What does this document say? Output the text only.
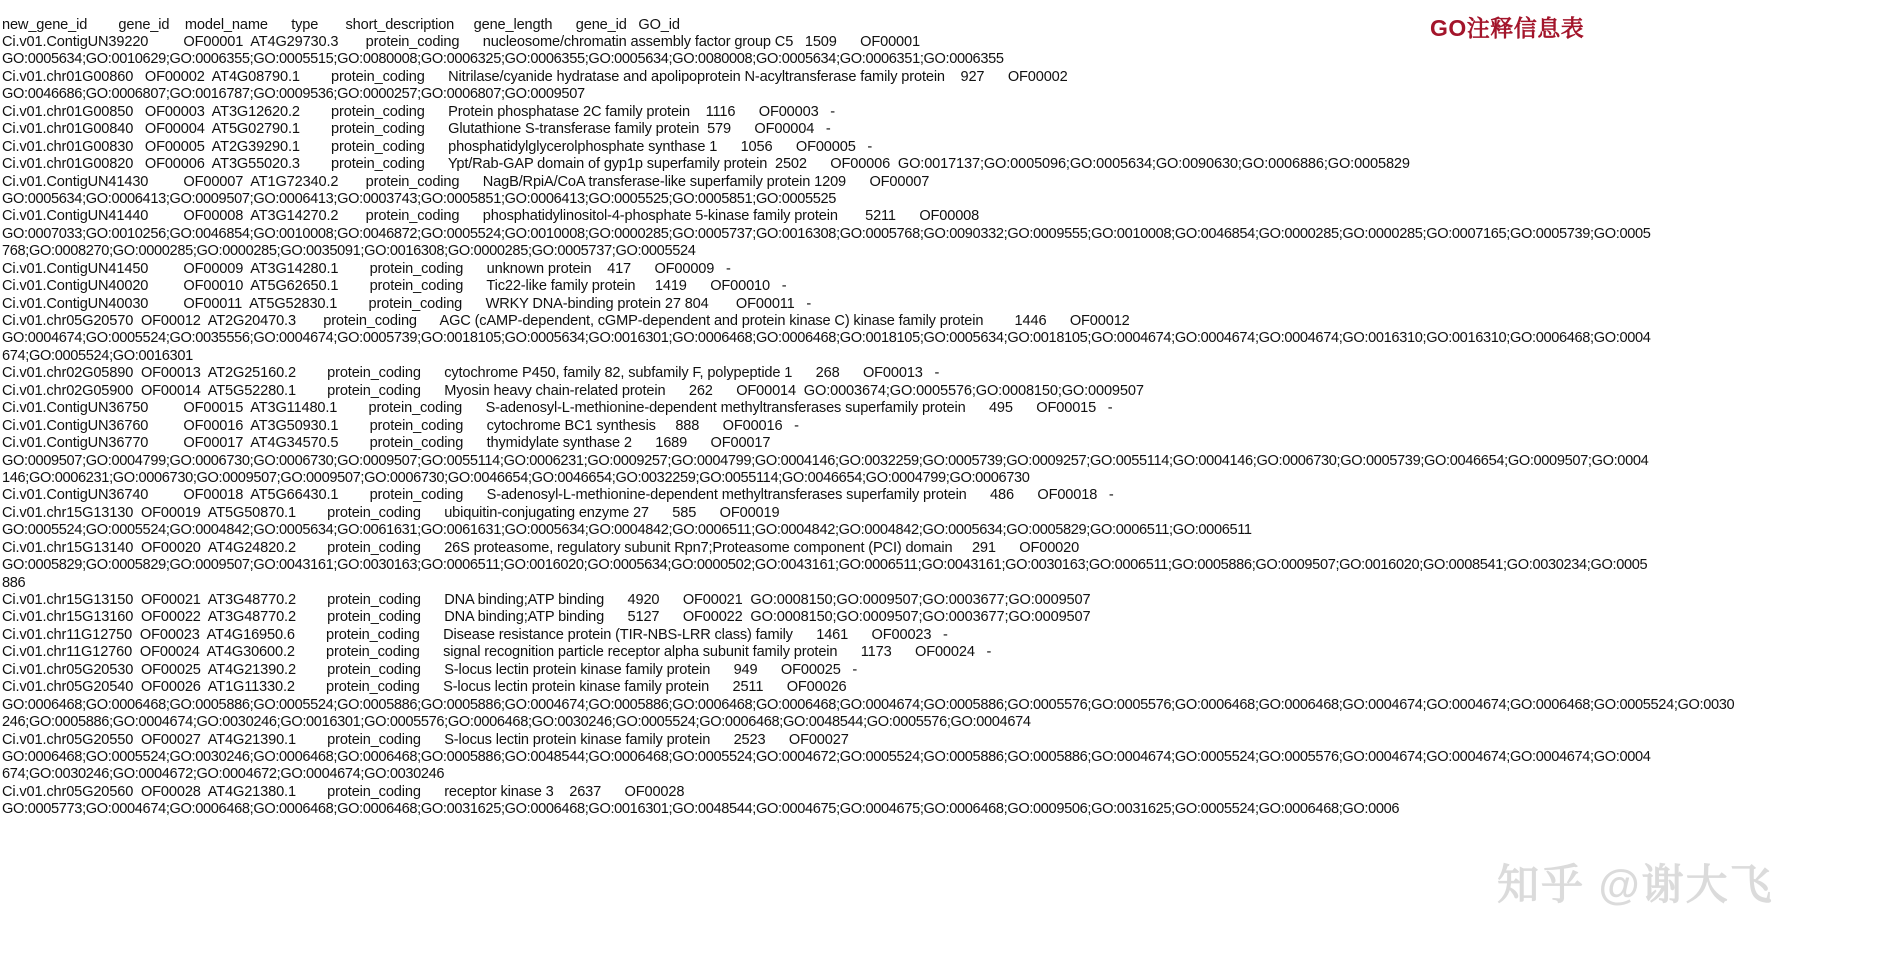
GO注释信息表
new_gene_id        gene_id    model_name      type       short_description     gene_length      gene_id   GO_id
Ci.v01.ContigUN39220         OF00001  AT4G29730.3       protein_coding      nucleosome/chromatin assembly factor group C5   1509      OF00001
GO:0005634;GO:0010629;GO:0006355;GO:0005515;GO:0080008;GO:0006325;GO:0006355;GO:0005634;GO:0080008;GO:0005634;GO:0006351;GO:0006355
Ci.v01.chr01G00860   OF00002  AT4G08790.1        protein_coding      Nitrilase/cyanide hydratase and apolipoprotein N-acyltransferase family protein    927      OF00002
GO:0046686;GO:0006807;GO:0016787;GO:0009536;GO:0000257;GO:0006807;GO:0009507
Ci.v01.chr01G00850   OF00003  AT3G12620.2        protein_coding      Protein phosphatase 2C family protein    1116      OF00003   -
Ci.v01.chr01G00840   OF00004  AT5G02790.1        protein_coding      Glutathione S-transferase family protein  579      OF00004   -
Ci.v01.chr01G00830   OF00005  AT2G39290.1        protein_coding      phosphatidylglycerolphosphate synthase 1      1056      OF00005   -
Ci.v01.chr01G00820   OF00006  AT3G55020.3        protein_coding      Ypt/Rab-GAP domain of gyp1p superfamily protein  2502      OF00006  GO:0017137;GO:0005096;GO:0005634;GO:0090630;GO:0006886;GO:0005829
Ci.v01.ContigUN41430         OF00007  AT1G72340.2       protein_coding      NagB/RpiA/CoA transferase-like superfamily protein 1209      OF00007
GO:0005634;GO:0006413;GO:0009507;GO:0006413;GO:0003743;GO:0005851;GO:0006413;GO:0005525;GO:0005851;GO:0005525
Ci.v01.ContigUN41440         OF00008  AT3G14270.2       protein_coding      phosphatidylinositol-4-phosphate 5-kinase family protein       5211      OF00008
GO:0007033;GO:0010256;GO:0046854;GO:0010008;GO:0046872;GO:0005524;GO:0010008;GO:0000285;GO:0005737;GO:0016308;GO:0005768;GO:0090332;GO:0009555;GO:0010008;GO:0046854;GO:0000285;GO:0000285;GO:0007165;GO:0005739;GO:0005
768;GO:0008270;GO:0000285;GO:0000285;GO:0035091;GO:0016308;GO:0000285;GO:0005737;GO:0005524
Ci.v01.ContigUN41450         OF00009  AT3G14280.1        protein_coding      unknown protein    417      OF00009   -
Ci.v01.ContigUN40020         OF00010  AT5G62650.1        protein_coding      Tic22-like family protein     1419      OF00010   -
Ci.v01.ContigUN40030         OF00011  AT5G52830.1        protein_coding      WRKY DNA-binding protein 27 804       OF00011   -
Ci.v01.chr05G20570  OF00012  AT2G20470.3       protein_coding      AGC (cAMP-dependent, cGMP-dependent and protein kinase C) kinase family protein        1446      OF00012
GO:0004674;GO:0005524;GO:0035556;GO:0004674;GO:0005739;GO:0018105;GO:0005634;GO:0016301;GO:0006468;GO:0006468;GO:0018105;GO:0005634;GO:0018105;GO:0004674;GO:0004674;GO:0004674;GO:0016310;GO:0016310;GO:0006468;GO:0004
674;GO:0005524;GO:0016301
Ci.v01.chr02G05890  OF00013  AT2G25160.2        protein_coding      cytochrome P450, family 82, subfamily F, polypeptide 1      268      OF00013   -
Ci.v01.chr02G05900  OF00014  AT5G52280.1        protein_coding      Myosin heavy chain-related protein      262      OF00014  GO:0003674;GO:0005576;GO:0008150;GO:0009507
Ci.v01.ContigUN36750         OF00015  AT3G11480.1        protein_coding      S-adenosyl-L-methionine-dependent methyltransferases superfamily protein      495      OF00015   -
Ci.v01.ContigUN36760         OF00016  AT3G50930.1        protein_coding      cytochrome BC1 synthesis     888      OF00016   -
Ci.v01.ContigUN36770         OF00017  AT4G34570.5        protein_coding      thymidylate synthase 2      1689      OF00017
GO:0009507;GO:0004799;GO:0006730;GO:0006730;GO:0009507;GO:0055114;GO:0006231;GO:0009257;GO:0004799;GO:0004146;GO:0032259;GO:0005739;GO:0009257;GO:0055114;GO:0004146;GO:0006730;GO:0005739;GO:0046654;GO:0009507;GO:0004
146;GO:0006231;GO:0006730;GO:0009507;GO:0009507;GO:0006730;GO:0046654;GO:0046654;GO:0032259;GO:0055114;GO:0046654;GO:0004799;GO:0006730
Ci.v01.ContigUN36740         OF00018  AT5G66430.1        protein_coding      S-adenosyl-L-methionine-dependent methyltransferases superfamily protein      486      OF00018   -
Ci.v01.chr15G13130  OF00019  AT5G50870.1        protein_coding      ubiquitin-conjugating enzyme 27      585      OF00019
GO:0005524;GO:0005524;GO:0004842;GO:0005634;GO:0061631;GO:0061631;GO:0005634;GO:0004842;GO:0006511;GO:0004842;GO:0004842;GO:0005634;GO:0005829;GO:0006511;GO:0006511
Ci.v01.chr15G13140  OF00020  AT4G24820.2        protein_coding      26S proteasome, regulatory subunit Rpn7;Proteasome component (PCI) domain     291      OF00020
GO:0005829;GO:0005829;GO:0009507;GO:0043161;GO:0030163;GO:0006511;GO:0016020;GO:0005634;GO:0000502;GO:0043161;GO:0006511;GO:0043161;GO:0030163;GO:0006511;GO:0005886;GO:0009507;GO:0016020;GO:0008541;GO:0030234;GO:0005
886
Ci.v01.chr15G13150  OF00021  AT3G48770.2        protein_coding      DNA binding;ATP binding      4920      OF00021  GO:0008150;GO:0009507;GO:0003677;GO:0009507
Ci.v01.chr15G13160  OF00022  AT3G48770.2        protein_coding      DNA binding;ATP binding      5127      OF00022  GO:0008150;GO:0009507;GO:0003677;GO:0009507
Ci.v01.chr11G12750  OF00023  AT4G16950.6        protein_coding      Disease resistance protein (TIR-NBS-LRR class) family      1461      OF00023   -
Ci.v01.chr11G12760  OF00024  AT4G30600.2        protein_coding      signal recognition particle receptor alpha subunit family protein      1173      OF00024   -
Ci.v01.chr05G20530  OF00025  AT4G21390.2        protein_coding      S-locus lectin protein kinase family protein      949      OF00025   -
Ci.v01.chr05G20540  OF00026  AT1G11330.2        protein_coding      S-locus lectin protein kinase family protein      2511      OF00026
GO:0006468;GO:0006468;GO:0005886;GO:0005524;GO:0005886;GO:0005886;GO:0004674;GO:0005886;GO:0006468;GO:0006468;GO:0004674;GO:0005886;GO:0005576;GO:0005576;GO:0006468;GO:0006468;GO:0004674;GO:0004674;GO:0006468;GO:0005524;GO:0030
246;GO:0005886;GO:0004674;GO:0030246;GO:0016301;GO:0005576;GO:0006468;GO:0030246;GO:0005524;GO:0006468;GO:0048544;GO:0005576;GO:0004674
Ci.v01.chr05G20550  OF00027  AT4G21390.1        protein_coding      S-locus lectin protein kinase family protein      2523      OF00027
GO:0006468;GO:0005524;GO:0030246;GO:0006468;GO:0006468;GO:0005886;GO:0048544;GO:0006468;GO:0005524;GO:0004672;GO:0005524;GO:0005886;GO:0005886;GO:0004674;GO:0005524;GO:0005576;GO:0004674;GO:0004674;GO:0004674;GO:0004
674;GO:0030246;GO:0004672;GO:0004672;GO:0004674;GO:0030246
Ci.v01.chr05G20560  OF00028  AT4G21380.1        protein_coding      receptor kinase 3    2637      OF00028
GO:0005773;GO:0004674;GO:0006468;GO:0006468;GO:0006468;GO:0031625;GO:0006468;GO:0016301;GO:0048544;GO:0004675;GO:0004675;GO:0006468;GO:0009506;GO:0031625;GO:0005524;GO:0006468;GO:0006
知乎 @谢大飞
